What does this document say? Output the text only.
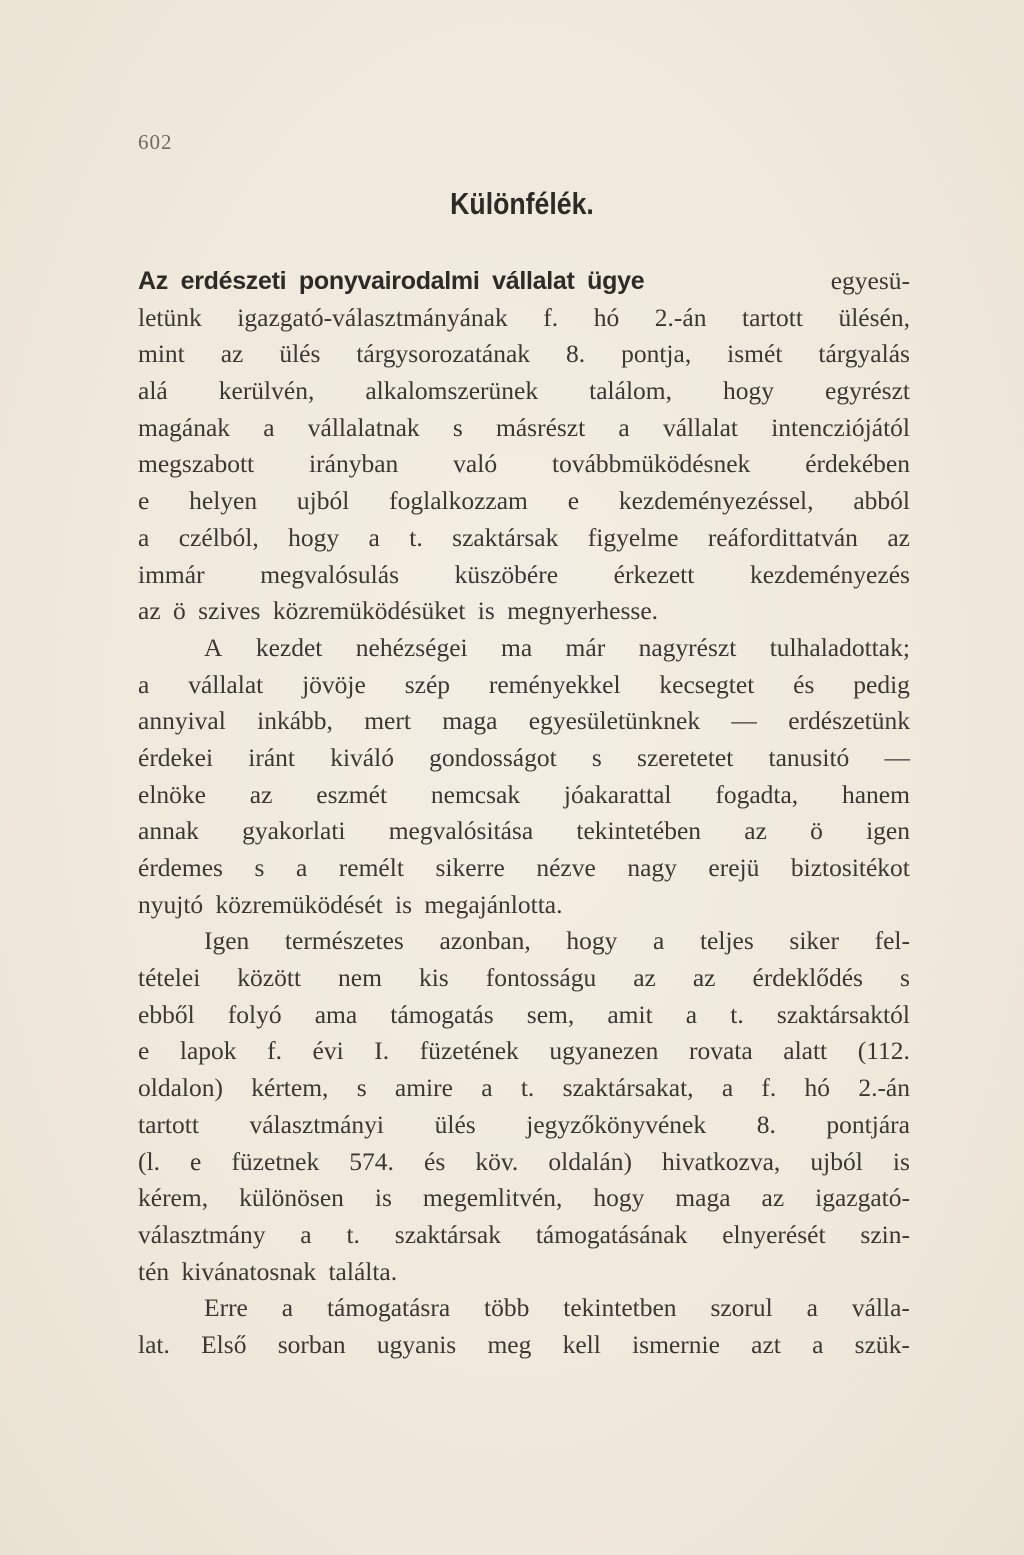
602
Különfélék.
Az erdészeti ponyvairodalmi vállalat ügye	egyesü-
letünk igazgató-választmányának f. hó 2.-án tartott ülésén,
mint az ülés tárgysorozatának 8. pontja, ismét tárgyalás
alá kerülvén, alkalomszerünek találom, hogy egyrészt
magának a vállalatnak s másrészt a vállalat intencziójától
megszabott irányban való továbbmüködésnek érdekében
e helyen ujból foglalkozzam e kezdeményezéssel, abból
a czélból, hogy a t. szaktársak figyelme reáfordittatván az
immár megvalósulás küszöbére érkezett kezdeményezés
az ö szives közremüködésüket is megnyerhesse.
A kezdet nehézségei ma már nagyrészt tulhaladottak;
a vállalat jövöje szép reményekkel kecsegtet és pedig
annyival inkább, mert maga egyesületünknek — erdészetünk
érdekei iránt kiváló gondosságot s szeretetet tanusitó —
elnöke az eszmét nemcsak jóakarattal fogadta, hanem
annak gyakorlati megvalósitása tekintetében az ö igen
érdemes s a remélt sikerre nézve nagy erejü biztositékot
nyujtó közremüködését is megajánlotta.
Igen természetes azonban, hogy a teljes siker fel-
tételei között nem kis fontosságu az az érdeklődés s
ebből folyó ama támogatás sem, amit a t. szaktársaktól
e lapok f. évi I. füzetének ugyanezen rovata alatt (112.
oldalon) kértem, s amire a t. szaktársakat, a f. hó 2.-án
tartott választmányi ülés jegyzőkönyvének 8. pontjára
(l. e füzetnek 574. és köv. oldalán) hivatkozva, ujból is
kérem, különösen is megemlitvén, hogy maga az igazgató-
választmány a t. szaktársak támogatásának elnyerését szin-
tén kivánatosnak találta.
Erre a támogatásra több tekintetben szorul a válla-
lat. Első sorban ugyanis meg kell ismernie azt a szük-
